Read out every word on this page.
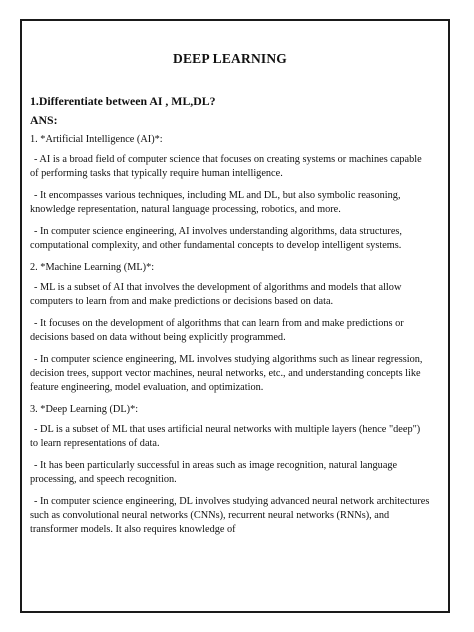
DEEP LEARNING
1.Differentiate between AI , ML,DL?
ANS:
1. *Artificial Intelligence (AI)*:

- AI is a broad field of computer science that focuses on creating systems or machines capable of performing tasks that typically require human intelligence.

- It encompasses various techniques, including ML and DL, but also symbolic reasoning, knowledge representation, natural language processing, robotics, and more.

- In computer science engineering, AI involves understanding algorithms, data structures, computational complexity, and other fundamental concepts to develop intelligent systems.

2. *Machine Learning (ML)*:

- ML is a subset of AI that involves the development of algorithms and models that allow computers to learn from and make predictions or decisions based on data.

- It focuses on the development of algorithms that can learn from and make predictions or decisions based on data without being explicitly programmed.

- In computer science engineering, ML involves studying algorithms such as linear regression, decision trees, support vector machines, neural networks, etc., and understanding concepts like feature engineering, model evaluation, and optimization.

3. *Deep Learning (DL)*:

- DL is a subset of ML that uses artificial neural networks with multiple layers (hence "deep") to learn representations of data.

- It has been particularly successful in areas such as image recognition, natural language processing, and speech recognition.

- In computer science engineering, DL involves studying advanced neural network architectures such as convolutional neural networks (CNNs), recurrent neural networks (RNNs), and transformer models. It also requires knowledge of
